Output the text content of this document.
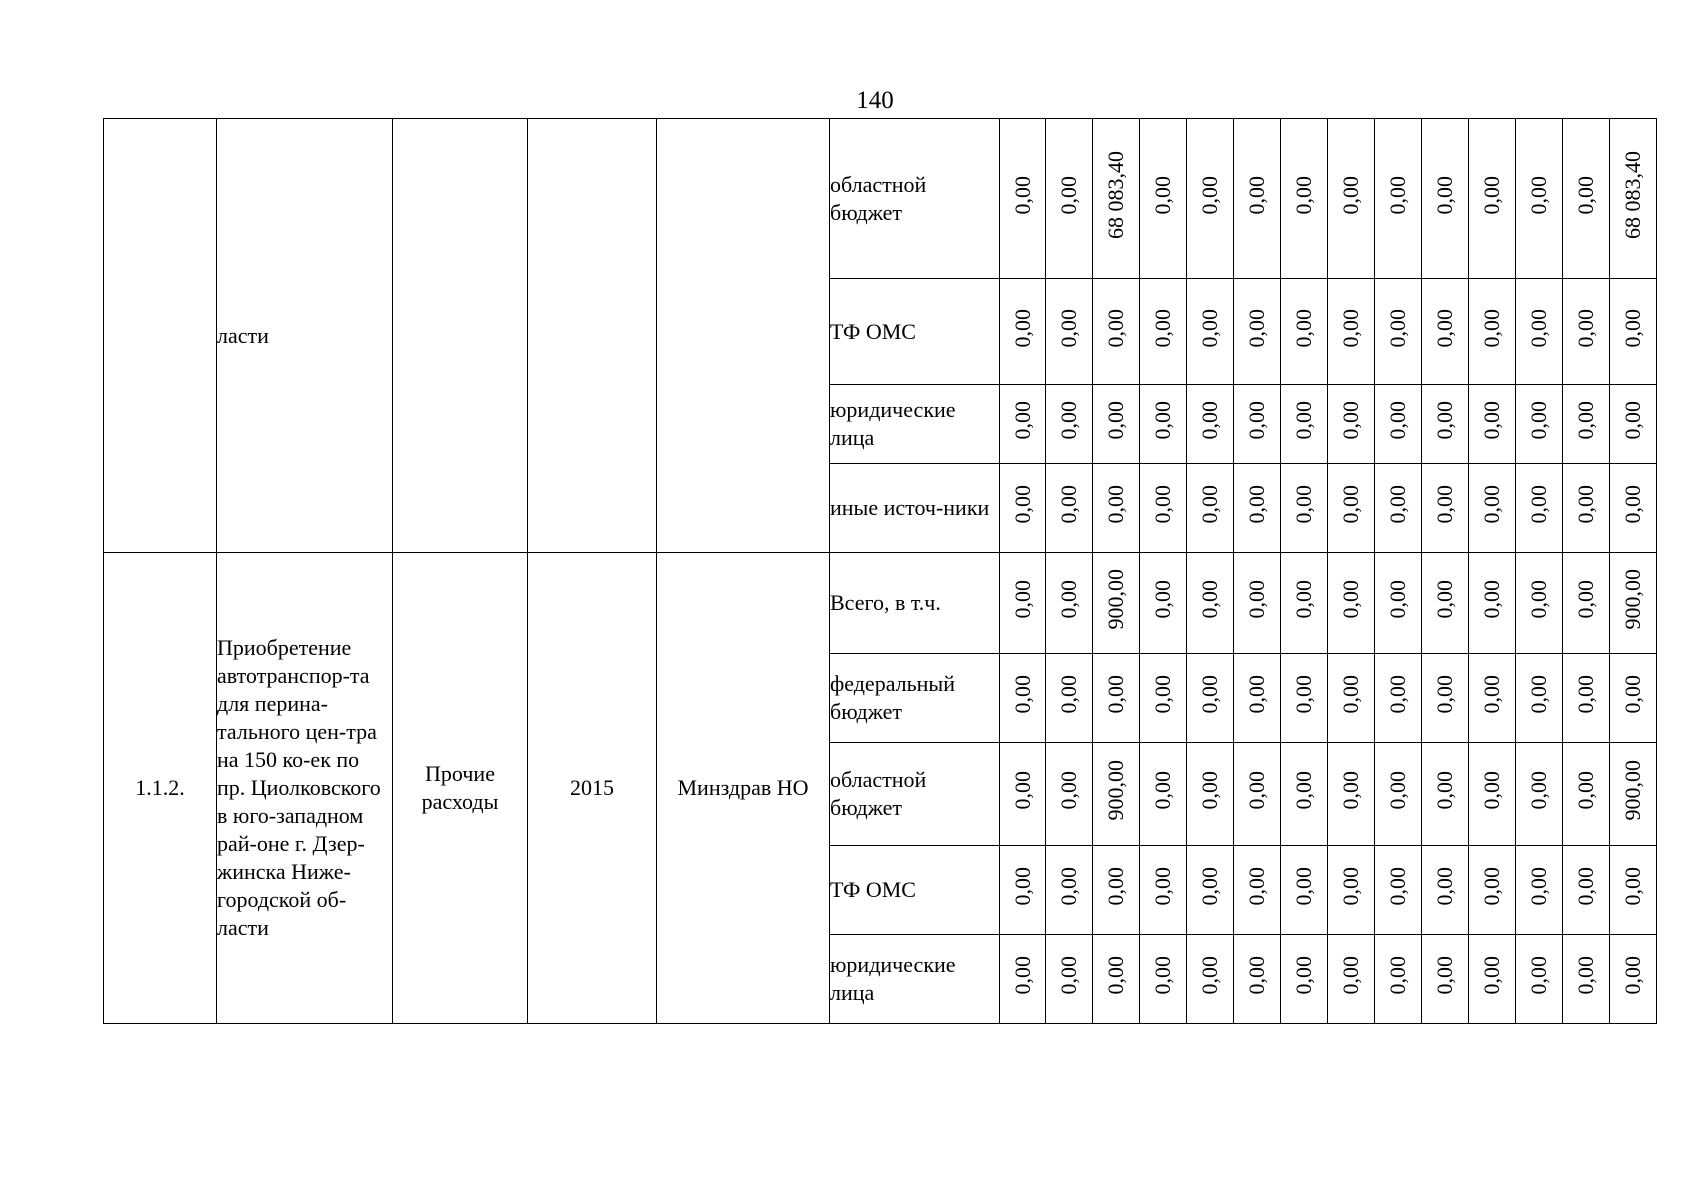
140
	ласти				областной бюджет	0,00	0,00	68 083,40	0,00	0,00	0,00	0,00	0,00	0,00	0,00	0,00	0,00	0,00	68 083,40
					ТФ ОМС	0,00	0,00	0,00	0,00	0,00	0,00	0,00	0,00	0,00	0,00	0,00	0,00	0,00	0,00
					юридические лица	0,00	0,00	0,00	0,00	0,00	0,00	0,00	0,00	0,00	0,00	0,00	0,00	0,00	0,00
					иные источ-ники	0,00	0,00	0,00	0,00	0,00	0,00	0,00	0,00	0,00	0,00	0,00	0,00	0,00	0,00
1.1.2.	Приобретение автотранспор-та для перина-тального цен-тра на 150 ко-ек по пр. Циолковского в юго-западном рай-оне г. Дзер-жинска Ниже-городской об-ласти	Прочие расходы	2015	Минздрав НО	Всего, в т.ч.	0,00	0,00	900,00	0,00	0,00	0,00	0,00	0,00	0,00	0,00	0,00	0,00	0,00	900,00
					федеральный бюджет	0,00	0,00	0,00	0,00	0,00	0,00	0,00	0,00	0,00	0,00	0,00	0,00	0,00	0,00
					областной бюджет	0,00	0,00	900,00	0,00	0,00	0,00	0,00	0,00	0,00	0,00	0,00	0,00	0,00	900,00
					ТФ ОМС	0,00	0,00	0,00	0,00	0,00	0,00	0,00	0,00	0,00	0,00	0,00	0,00	0,00	0,00
					юридические лица	0,00	0,00	0,00	0,00	0,00	0,00	0,00	0,00	0,00	0,00	0,00	0,00	0,00	0,00
